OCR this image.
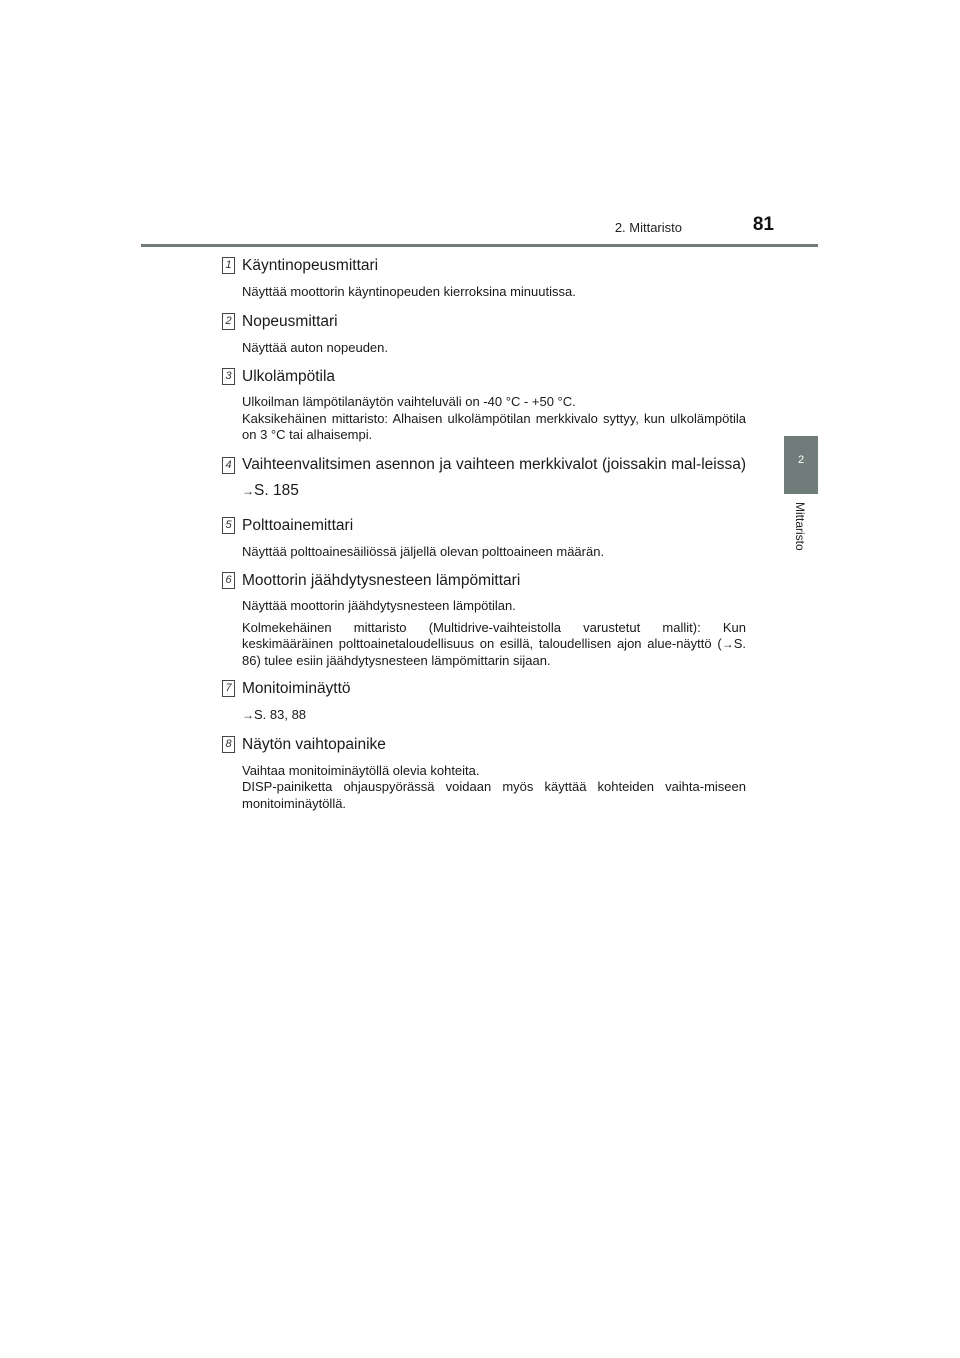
2. Mittaristo	81
2
Mittaristo
1 Käyntinopeusmittari

Näyttää moottorin käyntinopeuden kierroksina minuutissa.

2 Nopeusmittari

Näyttää auton nopeuden.

3 Ulkolämpötila

Ulkoilman lämpötilanäytön vaihteluväli on -40 °C - +50 °C.

Kaksikehäinen mittaristo: Alhaisen ulkolämpötilan merkkivalo syttyy, kun ulkolämpötila on 3 °C tai alhaisempi.

4 Vaihteenvalitsimen asennon ja vaihteen merkkivalot (joissakin mal-leissa) →S. 185
5 Polttoainemittari

Näyttää polttoainesäiliössä jäljellä olevan polttoaineen määrän.

6 Moottorin jäähdytysnesteen lämpömittari

Näyttää moottorin jäähdytysnesteen lämpötilan.

Kolmekehäinen mittaristo (Multidrive-vaihteistolla varustetut mallit): Kun keskimääräinen polttoainetaloudellisuus on esillä, taloudellisen ajon alue-näyttö (→S. 86) tulee esiin jäähdytysnesteen lämpömittarin sijaan.

7 Monitoiminäyttö

→S. 83, 88

8 Näytön vaihtopainike

Vaihtaa monitoiminäytöllä olevia kohteita.

DISP-painiketta ohjauspyörässä voidaan myös käyttää kohteiden vaihta-miseen monitoiminäytöllä.
